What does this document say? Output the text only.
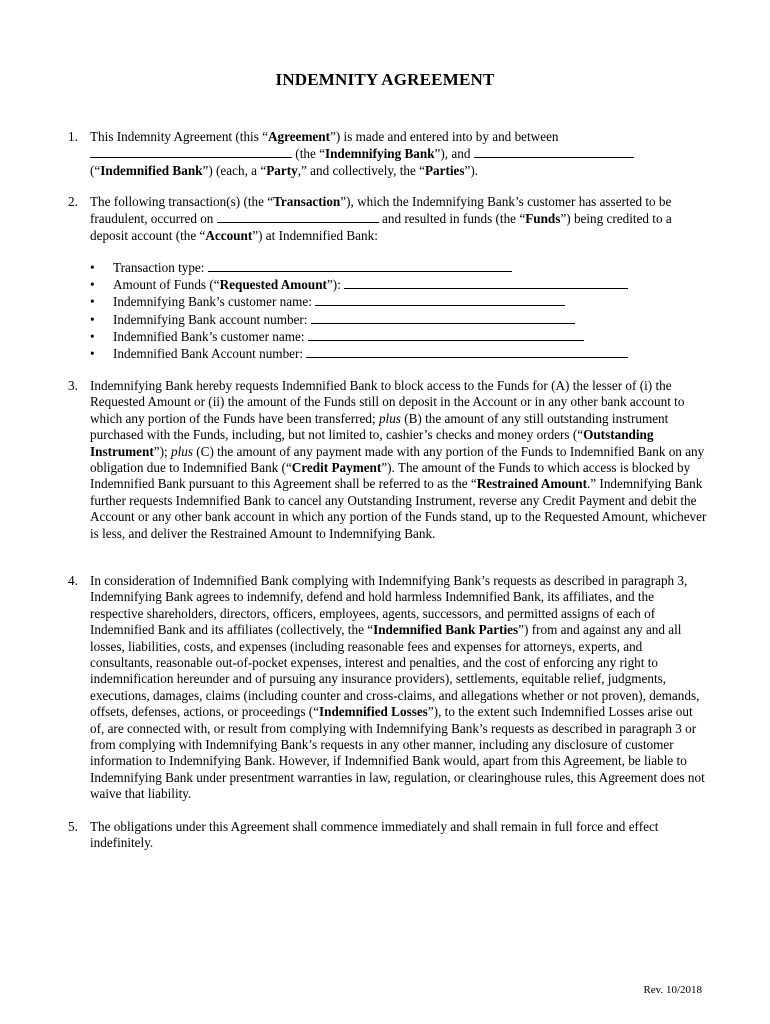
INDEMNITY AGREEMENT
1. This Indemnity Agreement (this “Agreement”) is made and entered into by and between
(the “Indemnifying Bank”), and
(“Indemnified Bank”) (each, a “Party,” and collectively, the “Parties”).
2. The following transaction(s) (the “Transaction”), which the Indemnifying Bank’s customer has asserted to be fraudulent, occurred on	and resulted in funds (the “Funds”) being credited to a deposit account (the “Account”) at Indemnified Bank:
• Transaction type:
• Amount of Funds (“Requested Amount”):
• Indemnifying Bank’s customer name:
• Indemnifying Bank account number:
• Indemnified Bank’s customer name:
• Indemnified Bank Account number:
3. Indemnifying Bank hereby requests Indemnified Bank to block access to the Funds for (A) the lesser of (i) the Requested Amount or (ii) the amount of the Funds still on deposit in the Account or in any other bank account to which any portion of the Funds have been transferred; plus (B) the amount of any still outstanding instrument purchased with the Funds, including, but not limited to, cashier’s checks and money orders (“Outstanding Instrument”); plus (C) the amount of any payment made with any portion of the Funds to Indemnified Bank on any obligation due to Indemnified Bank (“Credit Payment”). The amount of the Funds to which access is blocked by Indemnified Bank pursuant to this Agreement shall be referred to as the “Restrained Amount.” Indemnifying Bank further requests Indemnified Bank to cancel any Outstanding Instrument, reverse any Credit Payment and debit the Account or any other bank account in which any portion of the Funds stand, up to the Requested Amount, whichever is less, and deliver the Restrained Amount to Indemnifying Bank.
4. In consideration of Indemnified Bank complying with Indemnifying Bank’s requests as described in paragraph 3, Indemnifying Bank agrees to indemnify, defend and hold harmless Indemnified Bank, its affiliates, and the respective shareholders, directors, officers, employees, agents, successors, and permitted assigns of each of Indemnified Bank and its affiliates (collectively, the “Indemnified Bank Parties”) from and against any and all losses, liabilities, costs, and expenses (including reasonable fees and expenses for attorneys, experts, and consultants, reasonable out-of-pocket expenses, interest and penalties, and the cost of enforcing any right to indemnification hereunder and of pursuing any insurance providers), settlements, equitable relief, judgments, executions, damages, claims (including counter and cross-claims, and allegations whether or not proven), demands, offsets, defenses, actions, or proceedings (“Indemnified Losses”), to the extent such Indemnified Losses arise out of, are connected with, or result from complying with Indemnifying Bank’s requests as described in paragraph 3 or from complying with Indemnifying Bank’s requests in any other manner, including any disclosure of customer information to Indemnifying Bank. However, if Indemnified Bank would, apart from this Agreement, be liable to Indemnifying Bank under presentment warranties in law, regulation, or clearinghouse rules, this Agreement does not waive that liability.
5. The obligations under this Agreement shall commence immediately and shall remain in full force and effect indefinitely.
Rev. 10/2018
